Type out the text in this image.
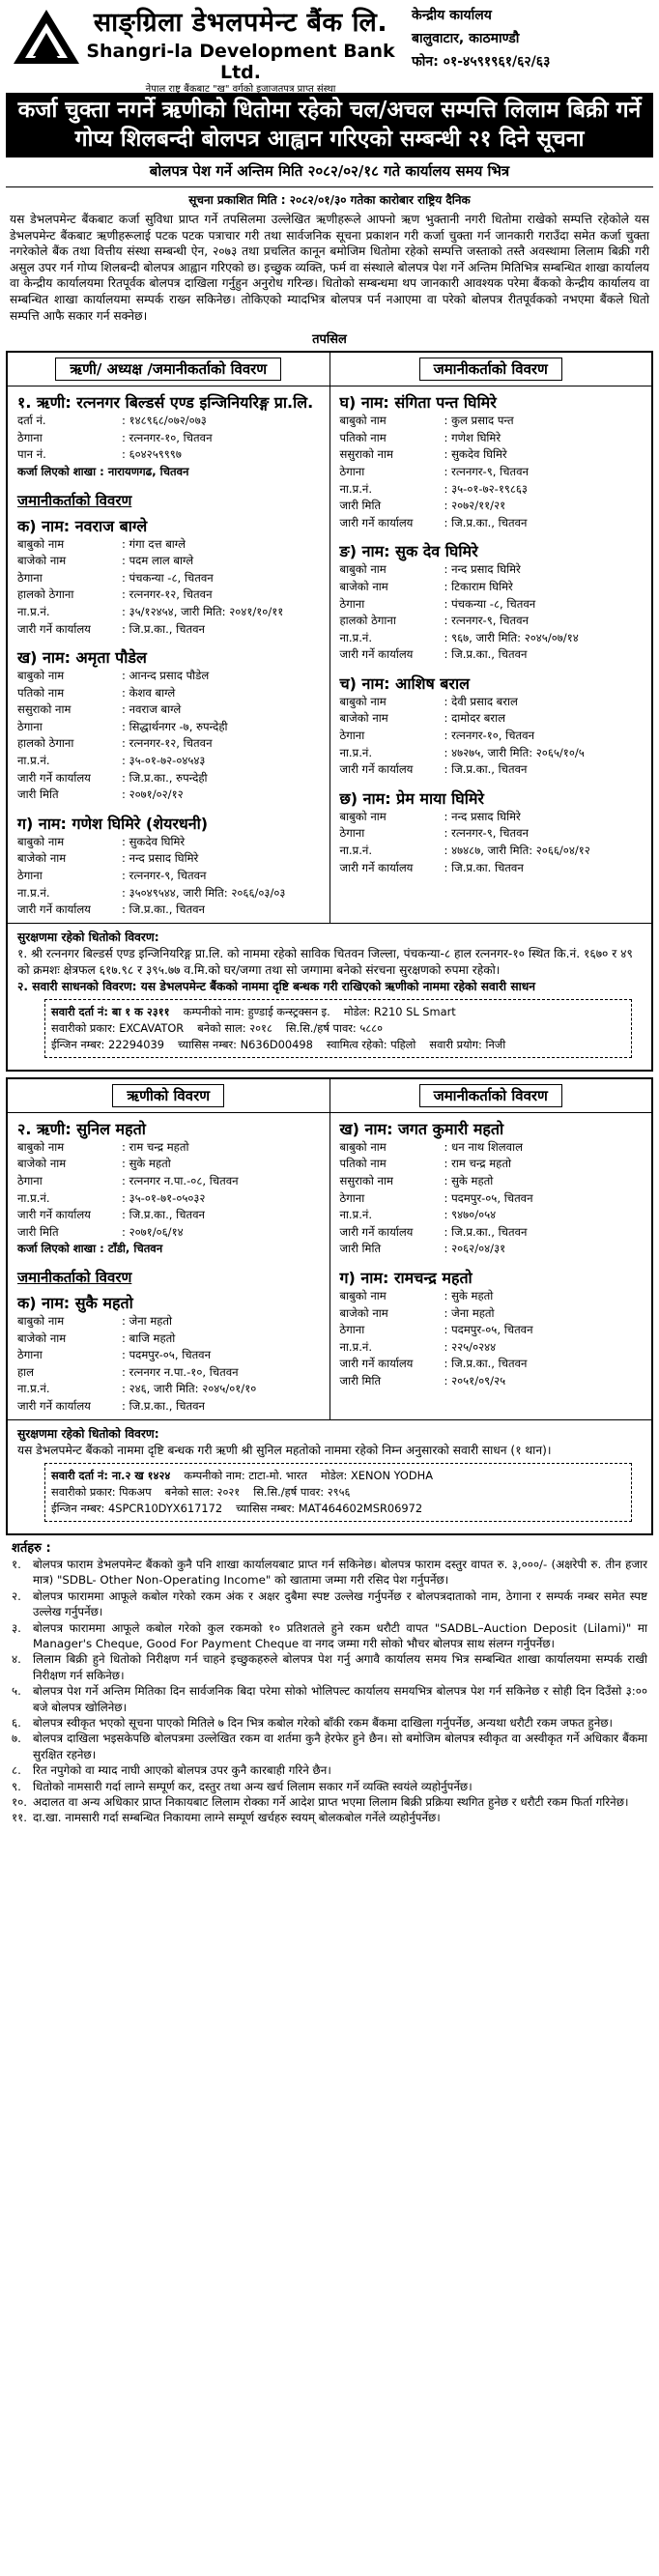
साङ्ग्रिला डेभलपमेन्ट बैंक लि.
Shangri-la Development Bank Ltd.
नेपाल राष्ट्र बैंकबाट "ख" वर्गको इजाजतपत्र प्राप्त संस्था
केन्द्रीय कार्यालय
बालुवाटार, काठमाण्डौ
फोन:
०१-४५९१९६१/६२/६३
कर्जा चुक्ता नगर्ने ऋणीको धितोमा रहेको चल/अचल सम्पत्ति लिलाम बिक्री गर्ने गोप्य शिलबन्दी बोलपत्र आह्वान गरिएको सम्बन्धी २१ दिने सूचना
बोलपत्र पेश गर्ने अन्तिम मिति २०८२/०२/१८ गते कार्यालय समय भित्र
सूचना प्रकाशित मिति : २०८२/०१/३० गतेका कारोबार राष्ट्रिय दैनिक
यस डेभलपमेन्ट बैंकबाट कर्जा सुविधा प्राप्त गर्ने तपसिलमा उल्लेखित ऋणीहरूले आफ्नो ऋण भुक्तानी नगरी धितोमा राखेको सम्पत्ति रहेकोले यस डेभलपमेन्ट बैंकबाट ऋणीहरूलाई पटक पटक पत्राचार गरी तथा सार्वजनिक सूचना प्रकाशन गरी कर्जा चुक्ता गर्न जानकारी गराउँदा समेत कर्जा चुक्ता नगरेकोले बैंक तथा वित्तीय संस्था सम्बन्धी ऐन, २०७३ तथा प्रचलित कानून बमोजिम धितोमा रहेको सम्पत्ति जस्ताको तस्तै अवस्थामा लिलाम बिक्री गरी असुल उपर गर्न गोप्य शिलबन्दी बोलपत्र आह्वान गरिएको छ। इच्छुक व्यक्ति, फर्म वा संस्थाले बोलपत्र पेश गर्ने अन्तिम मितिभित्र सम्बन्धित शाखा कार्यालय वा केन्द्रीय कार्यालयमा रितपूर्वक बोलपत्र दाखिला गर्नुहुन अनुरोध गरिन्छ। धितोको सम्बन्धमा थप जानकारी आवश्यक परेमा बैंकको केन्द्रीय कार्यालय वा सम्बन्धित शाखा कार्यालयमा सम्पर्क राख्न सकिनेछ। तोकिएको म्यादभित्र बोलपत्र पर्न नआएमा वा परेको बोलपत्र रीतपूर्वकको नभएमा बैंकले धितो सम्पत्ति आफै सकार गर्न सक्नेछ।
तपसिल
ऋणी/ अध्यक्ष /जमानीकर्ताको विवरण
१. ऋणी: रत्ननगर बिल्डर्स एण्ड इन्जिनियरिङ्ग प्रा.लि.
दर्ता नं.	: १४८९६८/०७२/०७३
ठेगाना	: रत्ननगर-१०, चितवन
पान नं.	: ६०४२५९९९७
कर्जा लिएको शाखा : नारायणगढ, चितवन
जमानीकर्ताको विवरण
क) नाम: नवराज बाग्ले
बाबुको नाम	: गंगा दत्त बाग्ले
बाजेको नाम	: पदम लाल बाग्ले
ठेगाना	: पंचकन्या -८, चितवन
हालको ठेगाना	: रत्ननगर-१२, चितवन
ना.प्र.नं.	: ३५/१२४५४, जारी मिति: २०४१/१०/११
जारी गर्ने कार्यालय	: जि.प्र.का., चितवन
ख) नाम: अमृता पौडेल
बाबुको नाम	: आनन्द प्रसाद पौडेल
पतिको नाम	: केशव बाग्ले
ससुराको नाम	: नवराज बाग्ले
ठेगाना	: सिद्धार्थनगर -७, रुपन्देही
हालको ठेगाना	: रत्ननगर-१२, चितवन
ना.प्र.नं.	: ३५-०१-७२-०४५४३
जारी गर्ने कार्यालय	: जि.प्र.का., रुपन्देही
जारी मिति	: २०७१/०२/१२
ग) नाम: गणेश घिमिरे (शेयरधनी)
बाबुको नाम	: सुकदेव घिमिरे
बाजेको नाम	: नन्द प्रसाद घिमिरे
ठेगाना	: रत्ननगर-९, चितवन
ना.प्र.नं.	: ३५०४९५४४, जारी मिति: २०६६/०३/०३
जारी गर्ने कार्यालय	: जि.प्र.का., चितवन
जमानीकर्ताको विवरण
घ) नाम: संगिता पन्त घिमिरे
बाबुको नाम	: कुल प्रसाद पन्त
पतिको नाम	: गणेश घिमिरे
ससुराको नाम	: सुकदेव घिमिरे
ठेगाना	: रत्ननगर-९, चितवन
ना.प्र.नं.	: ३५-०१-७२-१९८६३
जारी मिति	: २०७२/११/२१
जारी गर्ने कार्यालय	: जि.प्र.का., चितवन
ङ) नाम: सुक देव घिमिरे
बाबुको नाम	: नन्द प्रसाद घिमिरे
बाजेको नाम	: टिकाराम घिमिरे
ठेगाना	: पंचकन्या -८, चितवन
हालको ठेगाना	: रत्ननगर-९, चितवन
ना.प्र.नं.	: ९६७, जारी मिति: २०४५/०७/१४
जारी गर्ने कार्यालय	: जि.प्र.का., चितवन
च) नाम: आशिष बराल
बाबुको नाम	: देवी प्रसाद बराल
बाजेको नाम	: दामोदर बराल
ठेगाना	: रत्ननगर-१०, चितवन
ना.प्र.नं.	: ४७२७५, जारी मिति: २०६५/१०/५
जारी गर्ने कार्यालय	: जि.प्र.का., चितवन
छ) नाम: प्रेम माया घिमिरे
बाबुको नाम	: नन्द प्रसाद घिमिरे
ठेगाना	: रत्ननगर-९, चितवन
ना.प्र.नं.	: ४७४८७, जारी मिति: २०६६/०४/१२
जारी गर्ने कार्यालय	: जि.प्र.का. चितवन
सुरक्षणमा रहेको धितोको विवरण:
१. श्री रत्ननगर बिल्डर्स एण्ड इन्जिनियरिङ्ग प्रा.लि. को नाममा रहेको साविक चितवन जिल्ला, पंचकन्या-८ हाल रत्ननगर-१० स्थित कि.नं. १६७० र ४९ को क्रमशः क्षेत्रफल ६१७.९८ र ३९५.७७ व.मि.को घर/जग्गा तथा सो जग्गामा बनेको संरचना सुरक्षणको रुपमा रहेको।
२. सवारी साधनको विवरण: यस डेभलपमेन्ट बैंकको नाममा दृष्टि बन्धक गरी राखिएको ऋणीको नाममा रहेको सवारी साधन
सवारी दर्ता नं: बा १ क २३११ कम्पनीको नाम: हुण्डाई कन्स्ट्रक्सन इ. मोडेल: R210 SL Smart
सवारीको प्रकार: EXCAVATOR बनेको साल: २०१८ सि.सि./हर्ष पावर: ५८८०
ईन्जिन नम्बर: 22294039 च्यासिस नम्बर: N636D00498 स्वामित्व रहेको: पहिलो सवारी प्रयोग: निजी
ऋणीको विवरण
२. ऋणी: सुनिल महतो
बाबुको नाम	: राम चन्द्र महतो
बाजेको नाम	: सुके महतो
ठेगाना	: रत्ननगर न.पा.-०८, चितवन
ना.प्र.नं.	: ३५-०१-७१-०५०३२
जारी गर्ने कार्यालय	: जि.प्र.का., चितवन
जारी मिति	: २०७१/०६/१४
कर्जा लिएको शाखा : टाँडी, चितवन
जमानीकर्ताको विवरण
क) नाम: सुकै महतो
बाबुको नाम	: जेना महतो
बाजेको नाम	: बाजि महतो
ठेगाना	: पदमपुर-०५, चितवन
हाल	: रत्ननगर न.पा.-१०, चितवन
ना.प्र.नं.	: २४६, जारी मिति: २०४५/०१/१०
जारी गर्ने कार्यालय	: जि.प्र.का., चितवन
जमानीकर्ताको विवरण
ख) नाम: जगत कुमारी महतो
बाबुको नाम	: धन नाथ शिलवाल
पतिको नाम	: राम चन्द्र महतो
ससुराको नाम	: सुके महतो
ठेगाना	: पदमपुर-०५, चितवन
ना.प्र.नं.	: ९४७०/०५४
जारी गर्ने कार्यालय	: जि.प्र.का., चितवन
जारी मिति	: २०६२/०४/३१
ग) नाम: रामचन्द्र महतो
बाबुको नाम	: सुके महतो
बाजेको नाम	: जेना महतो
ठेगाना	: पदमपुर-०५, चितवन
ना.प्र.नं.	: २२५/०२४४
जारी गर्ने कार्यालय	: जि.प्र.का., चितवन
जारी मिति	: २०५१/०९/२५
सुरक्षणमा रहेको धितोको विवरण:
यस डेभलपमेन्ट बैंकको नाममा दृष्टि बन्धक गरी ऋणी श्री सुनिल महतोको नाममा रहेको निम्न अनुसारको सवारी साधन (१ थान)।
सवारी दर्ता नं: ना.२ ख १४२४ कम्पनीको नाम: टाटा-मो. भारत मोडेल: XENON YODHA
सवारीको प्रकार: पिकअप बनेको साल: २०२१ सि.सि./हर्ष पावर: २९५६
ईन्जिन नम्बर: 4SPCR10DYX617172 च्यासिस नम्बर: MAT464602MSR06972
शर्तहरु :
१.	बोलपत्र फाराम डेभलपमेन्ट बैंकको कुनै पनि शाखा कार्यालयबाट प्राप्त गर्न सकिनेछ। बोलपत्र फाराम दस्तुर वापत रु. ३,०००/- (अक्षरेपी रु. तीन हजार मात्र) "SDBL- Other Non-Operating Income" को खातामा जम्मा गरी रसिद पेश गर्नुपर्नेछ।
२.	बोलपत्र फाराममा आफूले कबोल गरेको रकम अंक र अक्षर दुबैमा स्पष्ट उल्लेख गर्नुपर्नेछ र बोलपत्रदाताको नाम, ठेगाना र सम्पर्क नम्बर समेत स्पष्ट उल्लेख गर्नुपर्नेछ।
३.	बोलपत्र फाराममा आफूले कबोल गरेको कुल रकमको १० प्रतिशतले हुने रकम धरौटी वापत "SADBL–Auction Deposit (Lilami)" मा Manager's Cheque, Good For Payment Cheque वा नगद जम्मा गरी सोको भौचर बोलपत्र साथ संलग्न गर्नुपर्नेछ।
४.	लिलाम बिक्री हुने धितोको निरीक्षण गर्न चाहने इच्छुकहरुले बोलपत्र पेश गर्नु अगावै कार्यालय समय भित्र सम्बन्धित शाखा कार्यालयमा सम्पर्क राखी निरीक्षण गर्न सकिनेछ।
५.	बोलपत्र पेश गर्ने अन्तिम मितिका दिन सार्वजनिक बिदा परेमा सोको भोलिपल्ट कार्यालय समयभित्र बोलपत्र पेश गर्न सकिनेछ र सोही दिन दिउँसो ३:०० बजे बोलपत्र खोलिनेछ।
६.	बोलपत्र स्वीकृत भएको सूचना पाएको मितिले ७ दिन भित्र कबोल गरेको बाँकी रकम बैंकमा दाखिला गर्नुपर्नेछ, अन्यथा धरौटी रकम जफत हुनेछ।
७.	बोलपत्र दाखिला भइसकेपछि बोलपत्रमा उल्लेखित रकम वा शर्तमा कुनै हेरफेर हुने छैन। सो बमोजिम बोलपत्र स्वीकृत वा अस्वीकृत गर्ने अधिकार बैंकमा सुरक्षित रहनेछ।
८.	रित नपुगेको वा म्याद नाघी आएको बोलपत्र उपर कुनै कारबाही गरिने छैन।
९.	धितोको नामसारी गर्दा लाग्ने सम्पूर्ण कर, दस्तुर तथा अन्य खर्च लिलाम सकार गर्ने व्यक्ति स्वयंले व्यहोर्नुपर्नेछ।
१०. अदालत वा अन्य अधिकार प्राप्त निकायबाट लिलाम रोक्का गर्ने आदेश प्राप्त भएमा लिलाम बिक्री प्रक्रिया स्थगित हुनेछ र धरौटी रकम फिर्ता गरिनेछ।
११. दा.खा. नामसारी गर्दा सम्बन्धित निकायमा लाग्ने सम्पूर्ण खर्चहरु स्वयम् बोलकबोल गर्नेले व्यहोर्नुपर्नेछ।
